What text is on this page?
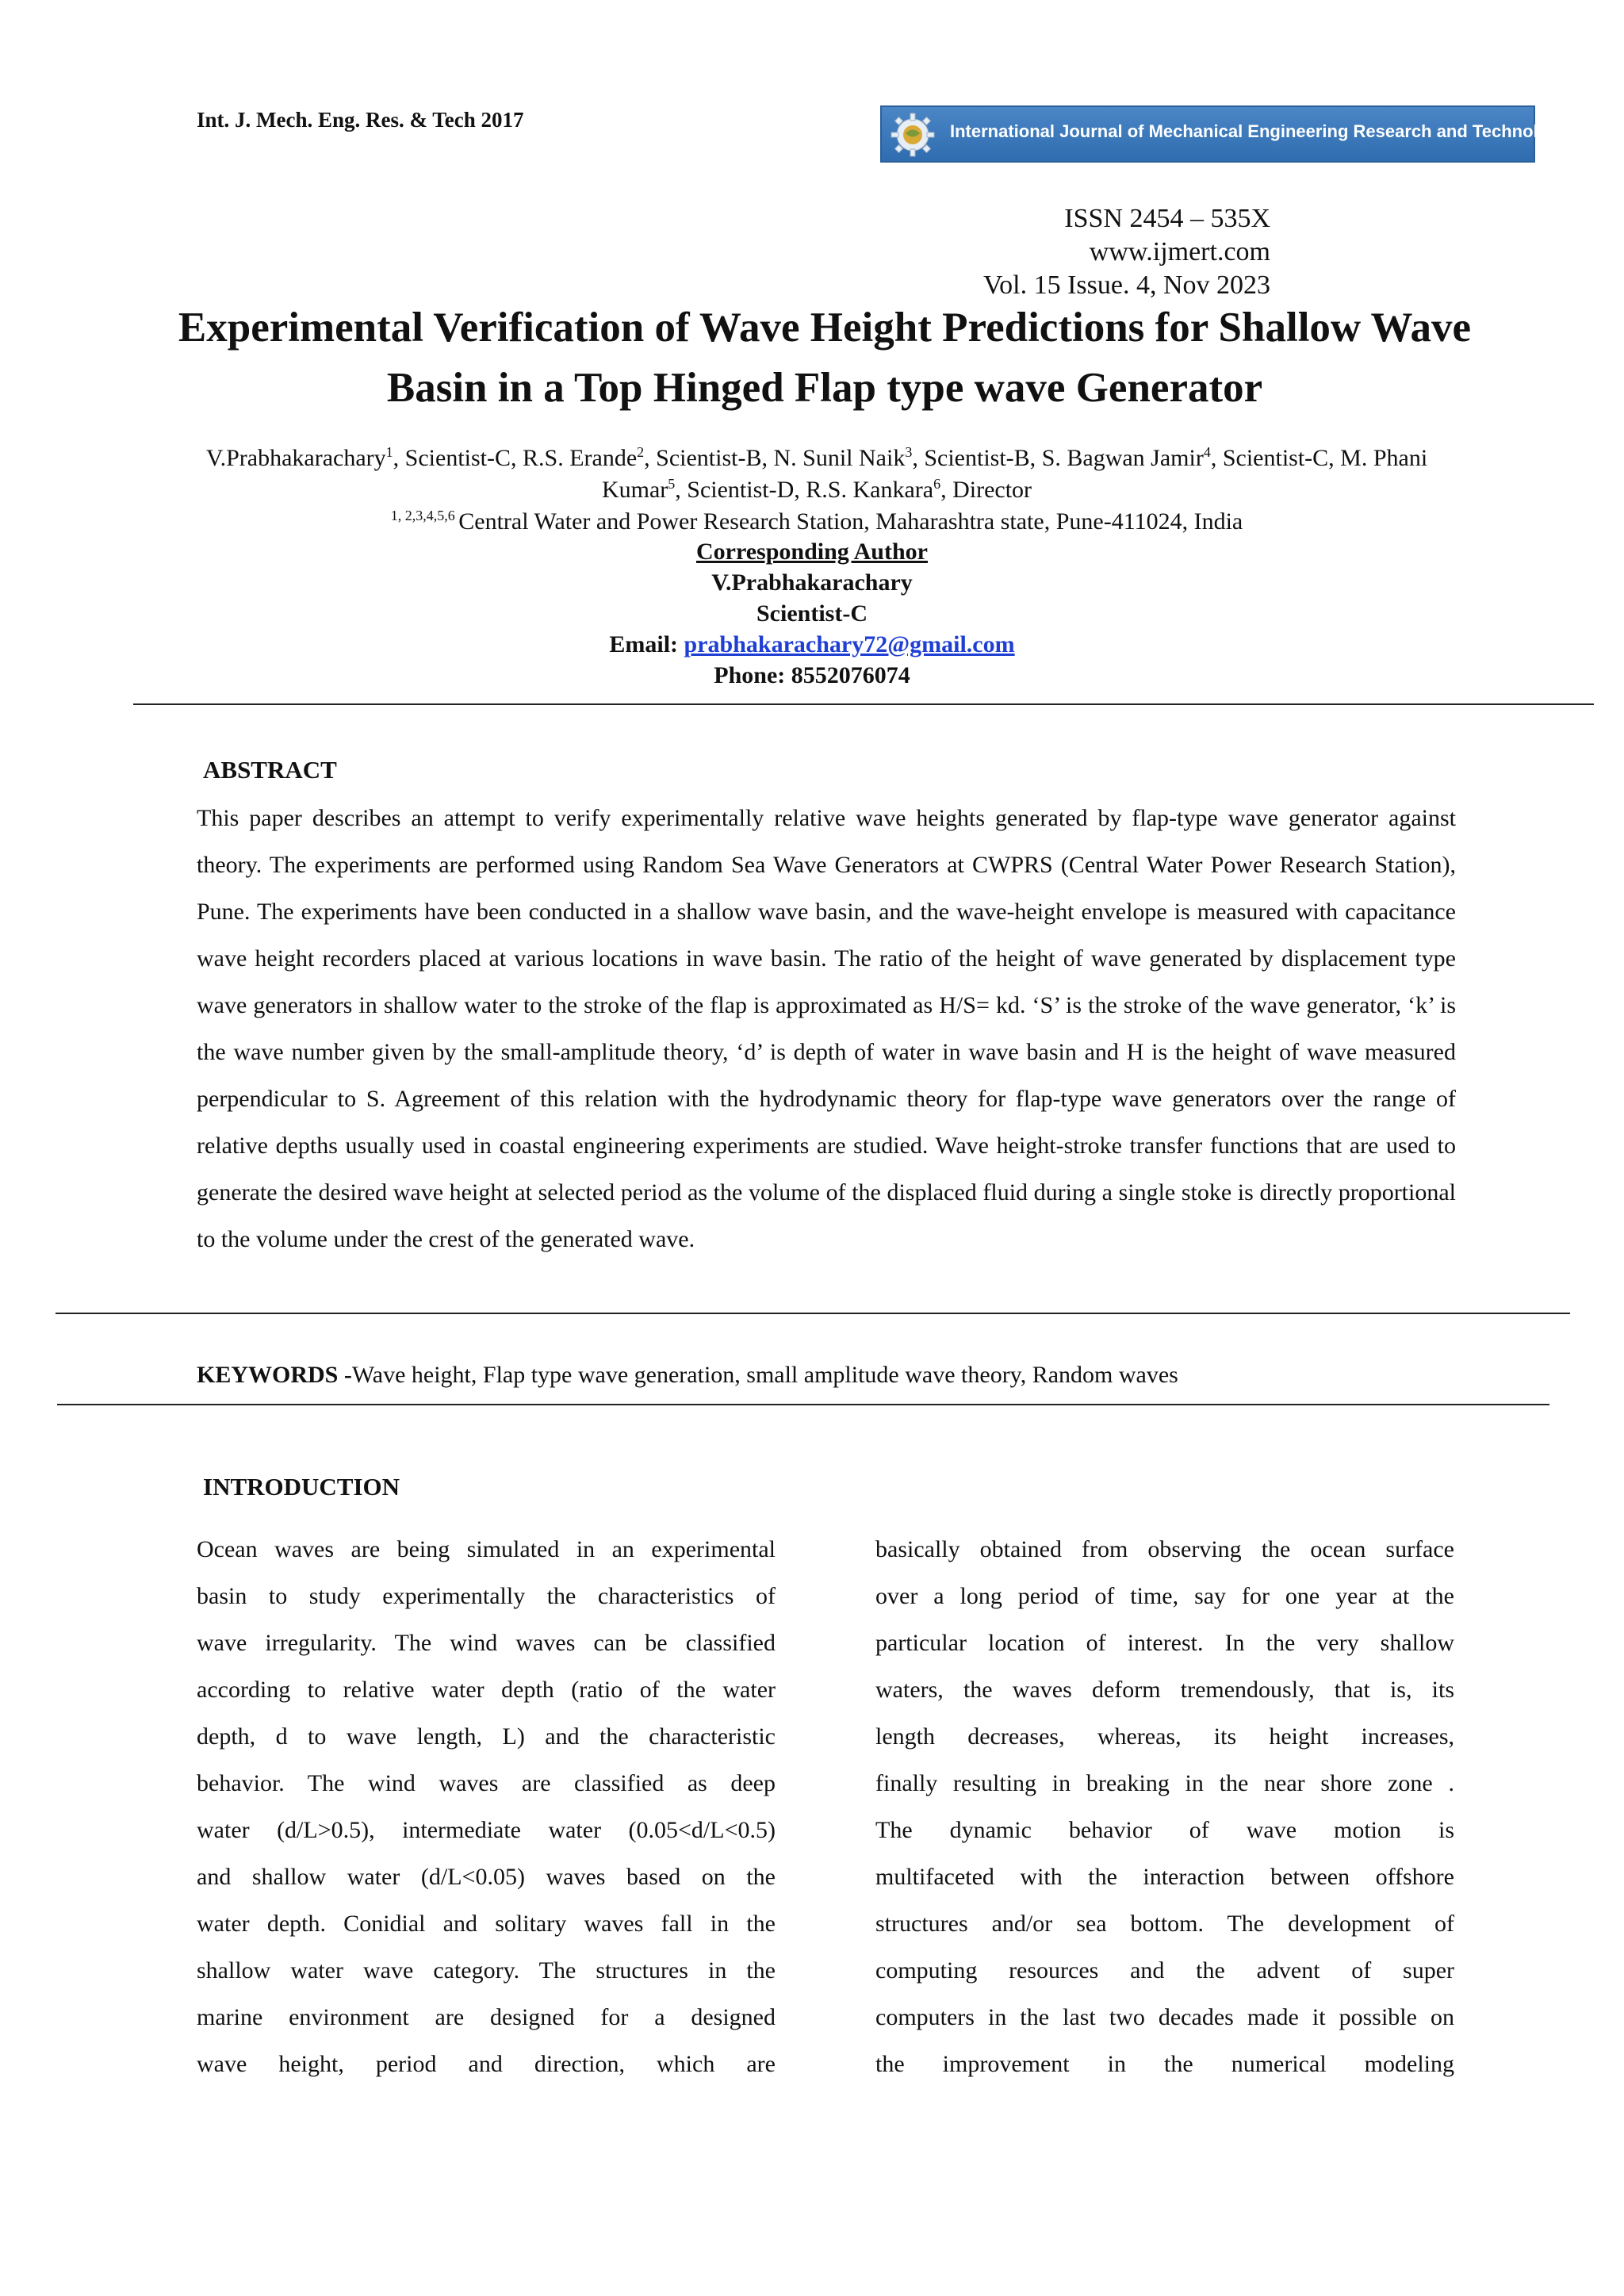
Int. J. Mech. Eng. Res. & Tech 2017	International Journal of Mechanical Engineering Research and Technology
ISSN 2454 – 535X
www.ijmert.com
Vol. 15 Issue. 4, Nov 2023
Experimental Verification of Wave Height Predictions for Shallow Wave Basin in a Top Hinged Flap type wave Generator
V.Prabhakarachary$^1$, Scientist-C, R.S. Erande$^2$, Scientist-B, N. Sunil Naik$^3$, Scientist-B, S. Bagwan Jamir$^4$, Scientist-C, M. Phani Kumar$^5$, Scientist-D, R.S. Kankara$^6$, Director
$^{1, 2,3,4,5,6}$ Central Water and Power Research Station, Maharashtra state, Pune-411024, India
Corresponding Author
V.Prabhakarachary
Scientist-C
Email: prabhakarachary72@gmail.com
Phone: 8552076074
ABSTRACT
This paper describes an attempt to verify experimentally relative wave heights generated by flap-type wave generator against theory. The experiments are performed using Random Sea Wave Generators at CWPRS (Central Water Power Research Station), Pune. The experiments have been conducted in a shallow wave basin, and the wave-height envelope is measured with capacitance wave height recorders placed at various locations in wave basin. The ratio of the height of wave generated by displacement type wave generators in shallow water to the stroke of the flap is approximated as H/S= kd. ‘S’ is the stroke of the wave generator, ‘k’ is the wave number given by the small-amplitude theory, ‘d’ is depth of water in wave basin and H is the height of wave measured perpendicular to S. Agreement of this relation with the hydrodynamic theory for flap-type wave generators over the range of relative depths usually used in coastal engineering experiments are studied. Wave height-stroke transfer functions that are used to generate the desired wave height at selected period as the volume of the displaced fluid during a single stoke is directly proportional to the volume under the crest of the generated wave.
KEYWORDS -Wave height, Flap type wave generation, small amplitude wave theory, Random waves
INTRODUCTION
Ocean waves are being simulated in an experimental
basin to study experimentally the characteristics of
wave irregularity. The wind waves can be classified
according to relative water depth (ratio of the water
depth, d to wave length, L) and the characteristic
behavior. The wind waves are classified as deep
water (d/L>0.5), intermediate water (0.05<d/L<0.5)
and shallow water (d/L<0.05) waves based on the
water depth. Conidial and solitary waves fall in the
shallow water wave category. The structures in the
marine environment are designed for a designed
wave height, period and direction, which are
basically obtained from observing the ocean surface
over a long period of time, say for one year at the
particular location of interest. In the very shallow
waters, the waves deform tremendously, that is, its
length decreases, whereas, its height increases,
finally resulting in breaking in the near shore zone .
The dynamic behavior of wave motion is
multifaceted with the interaction between offshore
structures and/or sea bottom. The development of
computing resources and the advent of super
computers in the last two decades made it possible on
the improvement in the numerical modeling
